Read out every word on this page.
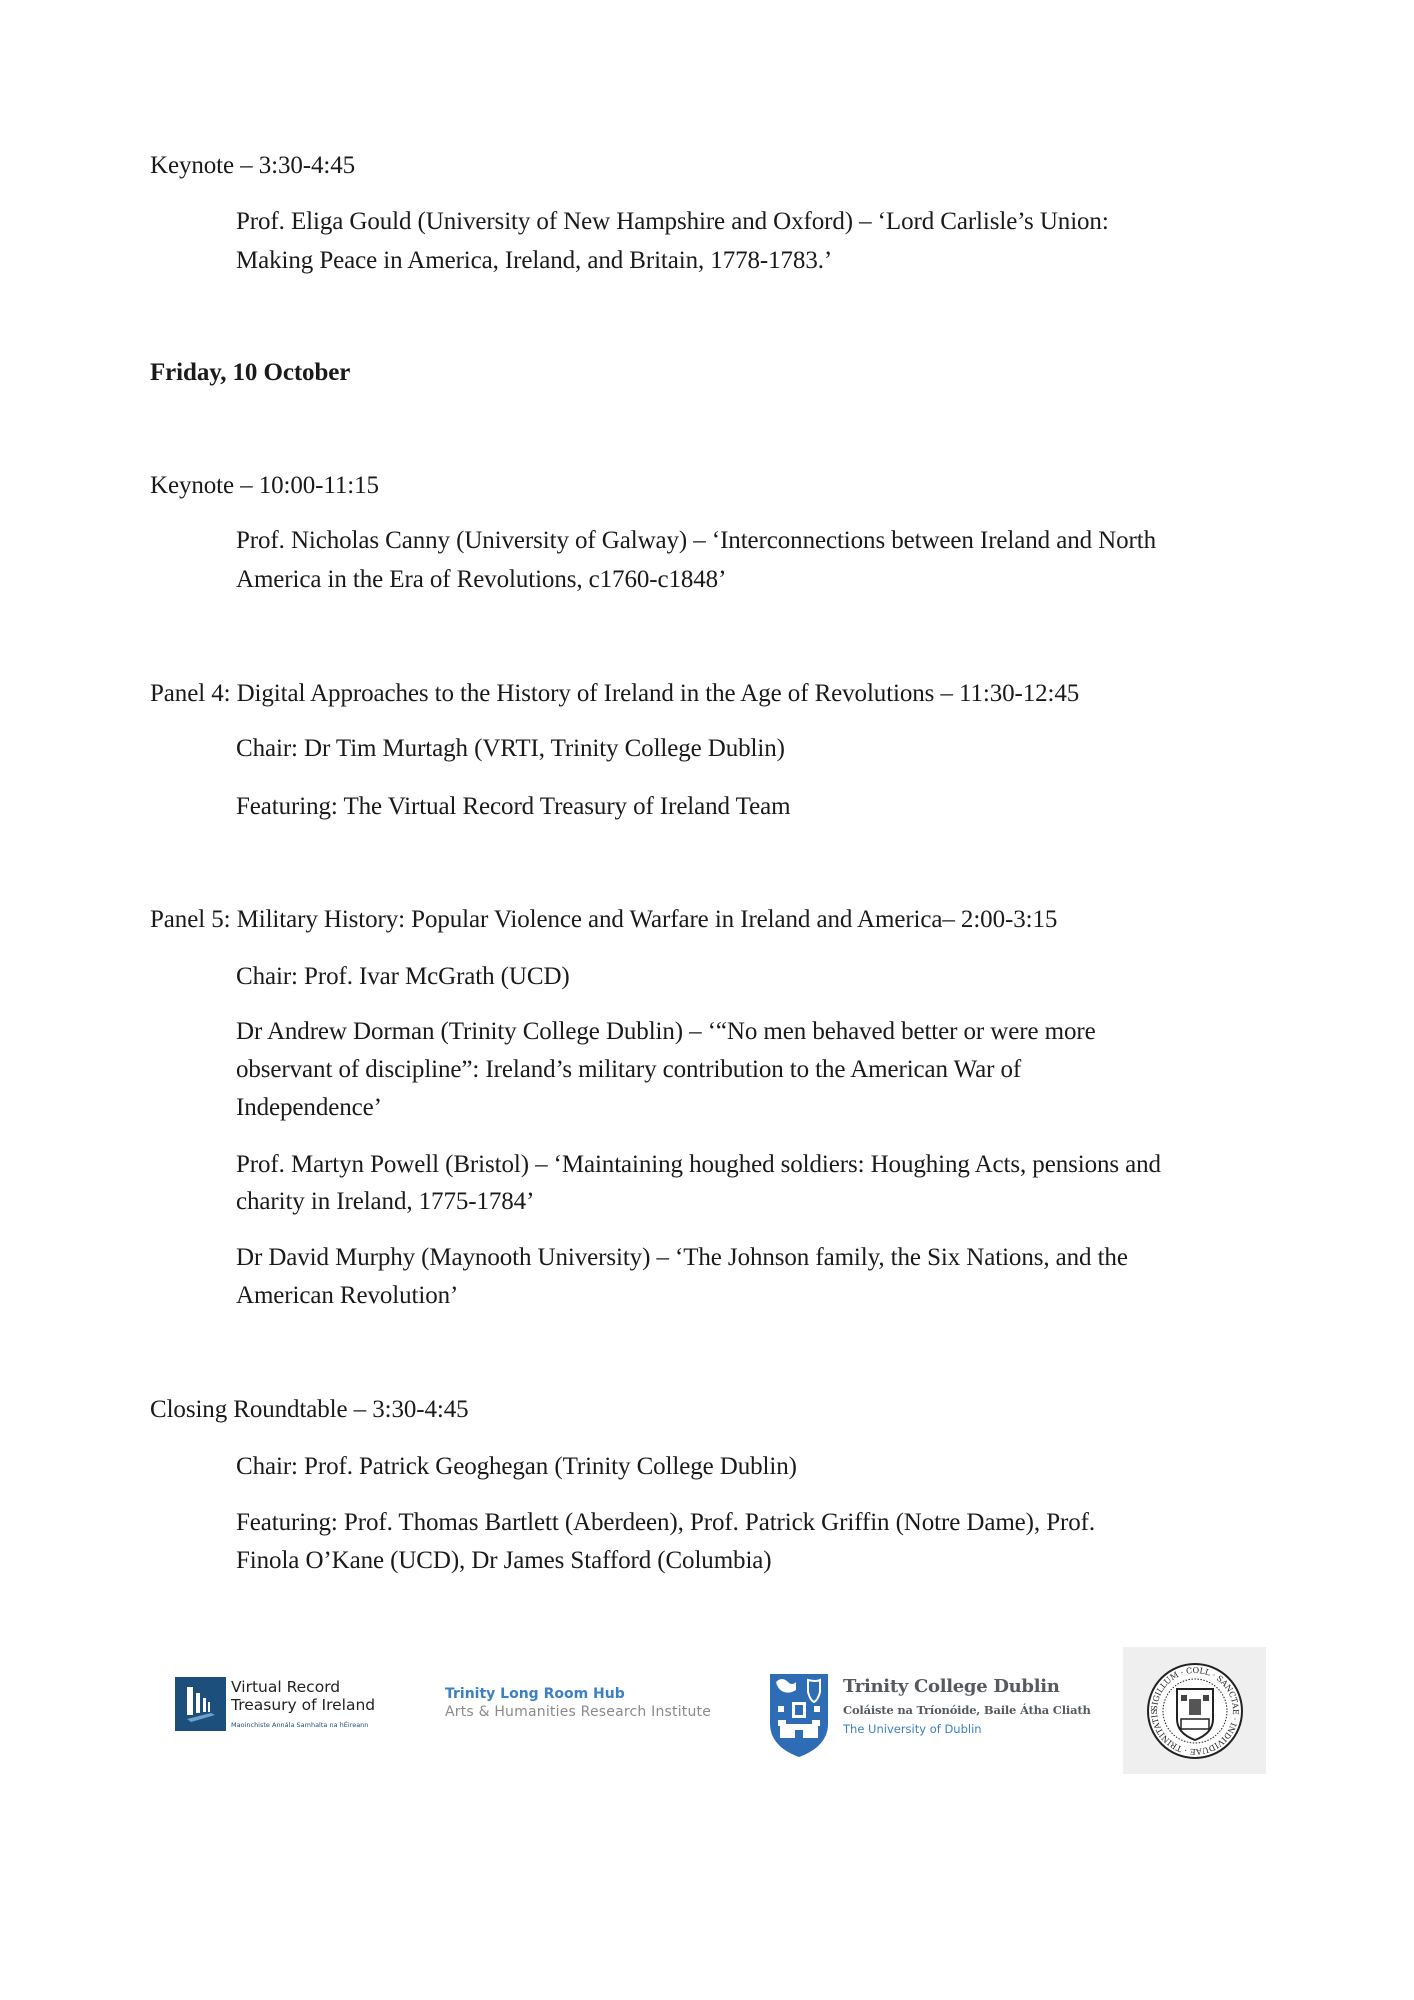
Keynote – 3:30-4:45
Prof. Eliga Gould (University of New Hampshire and Oxford) – ‘Lord Carlisle’s Union:
Making Peace in America, Ireland, and Britain, 1778-1783.’
Friday, 10 October
Keynote – 10:00-11:15
Prof. Nicholas Canny (University of Galway) – ‘Interconnections between Ireland and North
America in the Era of Revolutions, c1760-c1848’
Panel 4: Digital Approaches to the History of Ireland in the Age of Revolutions – 11:30-12:45
Chair: Dr Tim Murtagh (VRTI, Trinity College Dublin)
Featuring: The Virtual Record Treasury of Ireland Team
Panel 5: Military History: Popular Violence and Warfare in Ireland and America– 2:00-3:15
Chair: Prof. Ivar McGrath (UCD)
Dr Andrew Dorman (Trinity College Dublin) – ‘“No men behaved better or were more
observant of discipline”: Ireland’s military contribution to the American War of
Independence’
Prof. Martyn Powell (Bristol) – ‘Maintaining houghed soldiers: Houghing Acts, pensions and
charity in Ireland, 1775-1784’
Dr David Murphy (Maynooth University) – ‘The Johnson family, the Six Nations, and the
American Revolution’
Closing Roundtable – 3:30-4:45
Chair: Prof. Patrick Geoghegan (Trinity College Dublin)
Featuring: Prof. Thomas Bartlett (Aberdeen), Prof. Patrick Griffin (Notre Dame), Prof.
Finola O’Kane (UCD), Dr James Stafford (Columbia)
Virtual Record
Treasury of Ireland
Maoinchiste Annála Samhalta na hÉireann
Trinity Long Room Hub
Arts & Humanities Research Institute
Trinity College Dublin
Coláiste na Tríonóide, Baile Átha Cliath
The University of Dublin
SIGILLUM · COLL · SANCTAE · INDIVIDUAE · TRINITATIS
